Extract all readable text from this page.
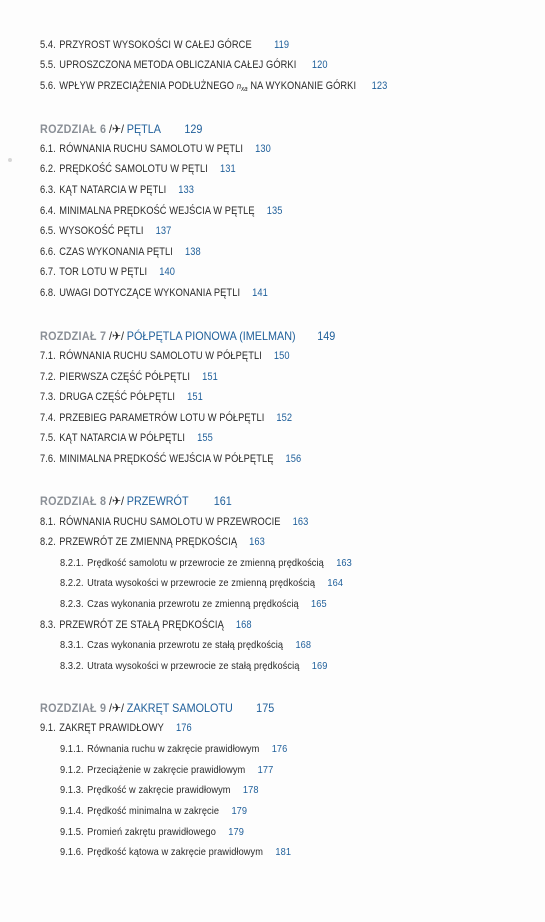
5.4. PRZYROST WYSOKOŚCI W CAŁEJ GÓRCE 119
5.5. UPROSZCZONA METODA OBLICZANIA CAŁEJ GÓRKI 120
5.6. WPŁYW PRZECIĄŻENIA PODŁUŻNEGO nxa NA WYKONANIE GÓRKI 123
ROZDZIAŁ 6 /✈/ PĘTLA 129
6.1. RÓWNANIA RUCHU SAMOLOTU W PĘTLI 130
6.2. PRĘDKOŚĆ SAMOLOTU W PĘTLI 131
6.3. KĄT NATARCIA W PĘTLI 133
6.4. MINIMALNA PRĘDKOŚĆ WEJŚCIA W PĘTLĘ 135
6.5. WYSOKOŚĆ PĘTLI 137
6.6. CZAS WYKONANIA PĘTLI 138
6.7. TOR LOTU W PĘTLI 140
6.8. UWAGI DOTYCZĄCE WYKONANIA PĘTLI 141
ROZDZIAŁ 7 /✈/ PÓŁPĘTLA PIONOWA (IMELMAN) 149
7.1. RÓWNANIA RUCHU SAMOLOTU W PÓŁPĘTLI 150
7.2. PIERWSZA CZĘŚĆ PÓŁPĘTLI 151
7.3. DRUGA CZĘŚĆ PÓŁPĘTLI 151
7.4. PRZEBIEG PARAMETRÓW LOTU W PÓŁPĘTLI 152
7.5. KĄT NATARCIA W PÓŁPĘTLI 155
7.6. MINIMALNA PRĘDKOŚĆ WEJŚCIA W PÓŁPĘTLĘ 156
ROZDZIAŁ 8 /✈/ PRZEWRÓT 161
8.1. RÓWNANIA RUCHU SAMOLOTU W PRZEWROCIE 163
8.2. PRZEWRÓT ZE ZMIENNĄ PRĘDKOŚCIĄ 163
8.2.1. Prędkość samolotu w przewrocie ze zmienną prędkością 163
8.2.2. Utrata wysokości w przewrocie ze zmienną prędkością 164
8.2.3. Czas wykonania przewrotu ze zmienną prędkością 165
8.3. PRZEWRÓT ZE STAŁĄ PRĘDKOŚCIĄ 168
8.3.1. Czas wykonania przewrotu ze stałą prędkością 168
8.3.2. Utrata wysokości w przewrocie ze stałą prędkością 169
ROZDZIAŁ 9 /✈/ ZAKRĘT SAMOLOTU 175
9.1. ZAKRĘT PRAWIDŁOWY 176
9.1.1. Równania ruchu w zakręcie prawidłowym 176
9.1.2. Przeciążenie w zakręcie prawidłowym 177
9.1.3. Prędkość w zakręcie prawidłowym 178
9.1.4. Prędkość minimalna w zakręcie 179
9.1.5. Promień zakrętu prawidłowego 179
9.1.6. Prędkość kątowa w zakręcie prawidłowym 181
